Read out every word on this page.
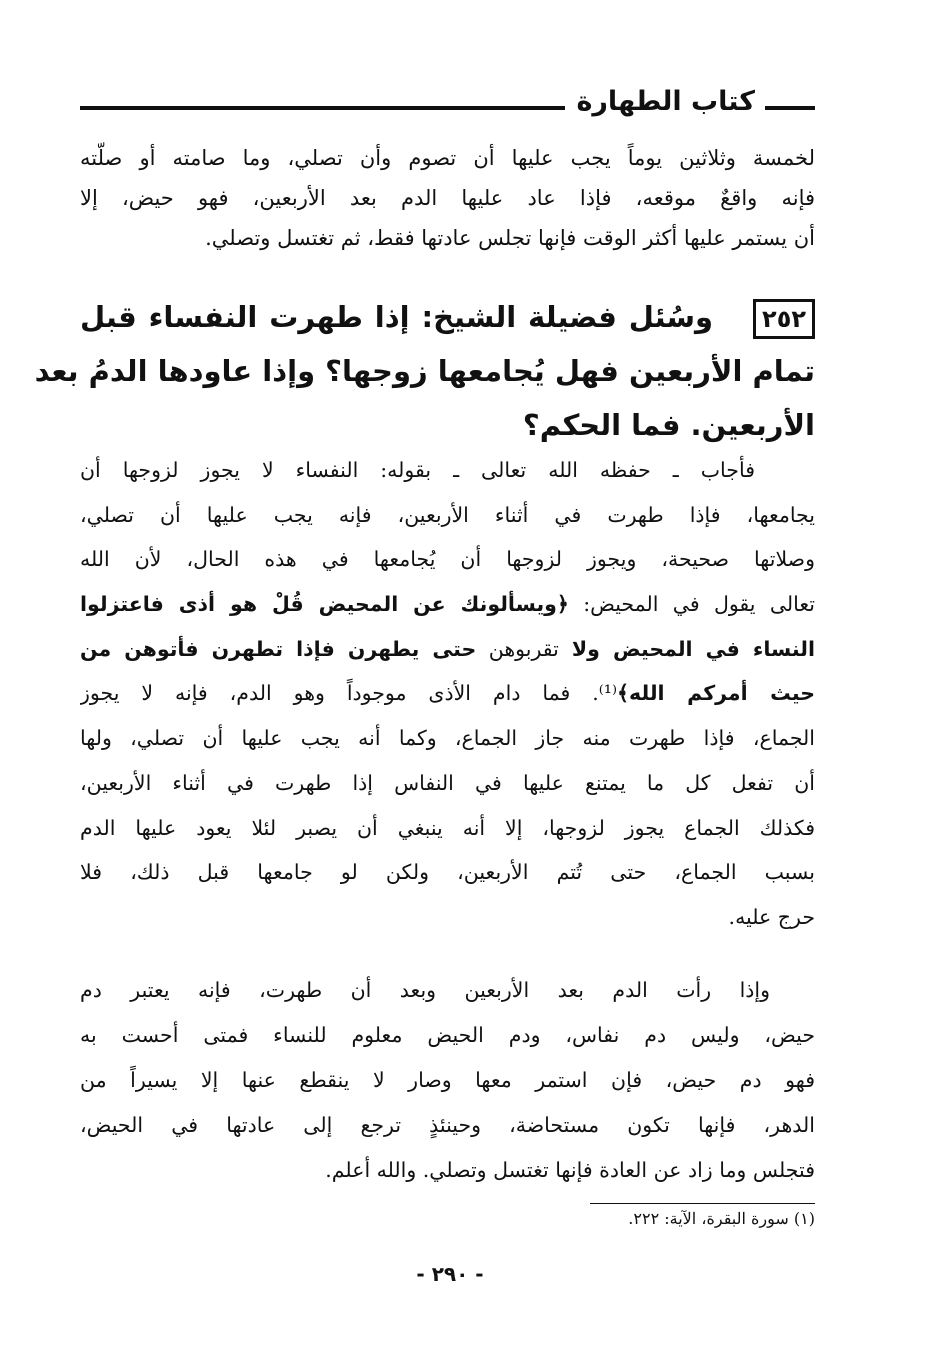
كتاب الطهارة
لخمسة وثلاثين يوماً يجب عليها أن تصوم وأن تصلي، وما صامته أو صلّته
فإنه واقعٌ موقعه، فإذا عاد عليها الدم بعد الأربعين، فهو حيض، إلا
أن يستمر عليها أكثر الوقت فإنها تجلس عادتها فقط، ثم تغتسل وتصلي.
٢٥٢وسُئل فضيلة الشيخ: إذا طهرت النفساء قبل
تمام الأربعين فهل يُجامعها زوجها؟ وإذا عاودها الدمُ بعد
الأربعين. فما الحكم؟
فأجاب ـ حفظه الله تعالى ـ بقوله: النفساء لا يجوز لزوجها أن
يجامعها، فإذا طهرت في أثناء الأربعين، فإنه يجب عليها أن تصلي،
وصلاتها صحيحة، ويجوز لزوجها أن يُجامعها في هذه الحال، لأن الله
تعالى يقول في المحيض: ﴿ويسألونك عن المحيض قُلْ هو أذى فاعتزلوا
النساء في المحيض ولا تقربوهن حتى يطهرن فإذا تطهرن فأتوهن من
حيث أمركم الله﴾⁽¹⁾. فما دام الأذى موجوداً وهو الدم، فإنه لا يجوز
الجماع، فإذا طهرت منه جاز الجماع، وكما أنه يجب عليها أن تصلي، ولها
أن تفعل كل ما يمتنع عليها في النفاس إذا طهرت في أثناء الأربعين،
فكذلك الجماع يجوز لزوجها، إلا أنه ينبغي أن يصبر لئلا يعود عليها الدم
بسبب الجماع، حتى تُتم الأربعين، ولكن لو جامعها قبل ذلك، فلا
حرج عليه.
وإذا رأت الدم بعد الأربعين وبعد أن طهرت، فإنه يعتبر دم
حيض، وليس دم نفاس، ودم الحيض معلوم للنساء فمتى أحست به
فهو دم حيض، فإن استمر معها وصار لا ينقطع عنها إلا يسيراً من
الدهر، فإنها تكون مستحاضة، وحينئذٍ ترجع إلى عادتها في الحيض،
فتجلس وما زاد عن العادة فإنها تغتسل وتصلي. والله أعلم.
(١) سورة البقرة، الآية: ٢٢٢.
- ٢٩٠ -
